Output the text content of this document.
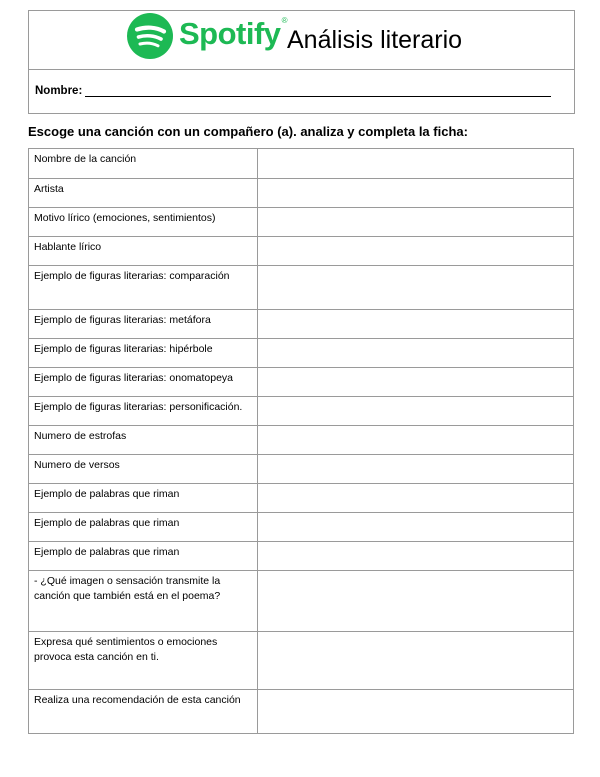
Spotify®
Análisis literario
Nombre:
Escoge una canción con un compañero (a). analiza y completa la ficha:
Nombre de la canción	
Artista	
Motivo lírico (emociones, sentimientos)	
Hablante lírico	
Ejemplo de figuras literarias: comparación	
Ejemplo de figuras literarias: metáfora	
Ejemplo de figuras literarias: hipérbole	
Ejemplo de figuras literarias: onomatopeya	
Ejemplo de figuras literarias: personificación.	
Numero de estrofas	
Numero de versos	
Ejemplo de palabras que riman	
Ejemplo de palabras que riman	
Ejemplo de palabras que riman	
- ¿Qué imagen o sensación transmite la canción que también está en el poema?	
Expresa qué sentimientos o emociones provoca esta canción en ti.	
Realiza una recomendación de esta canción	
